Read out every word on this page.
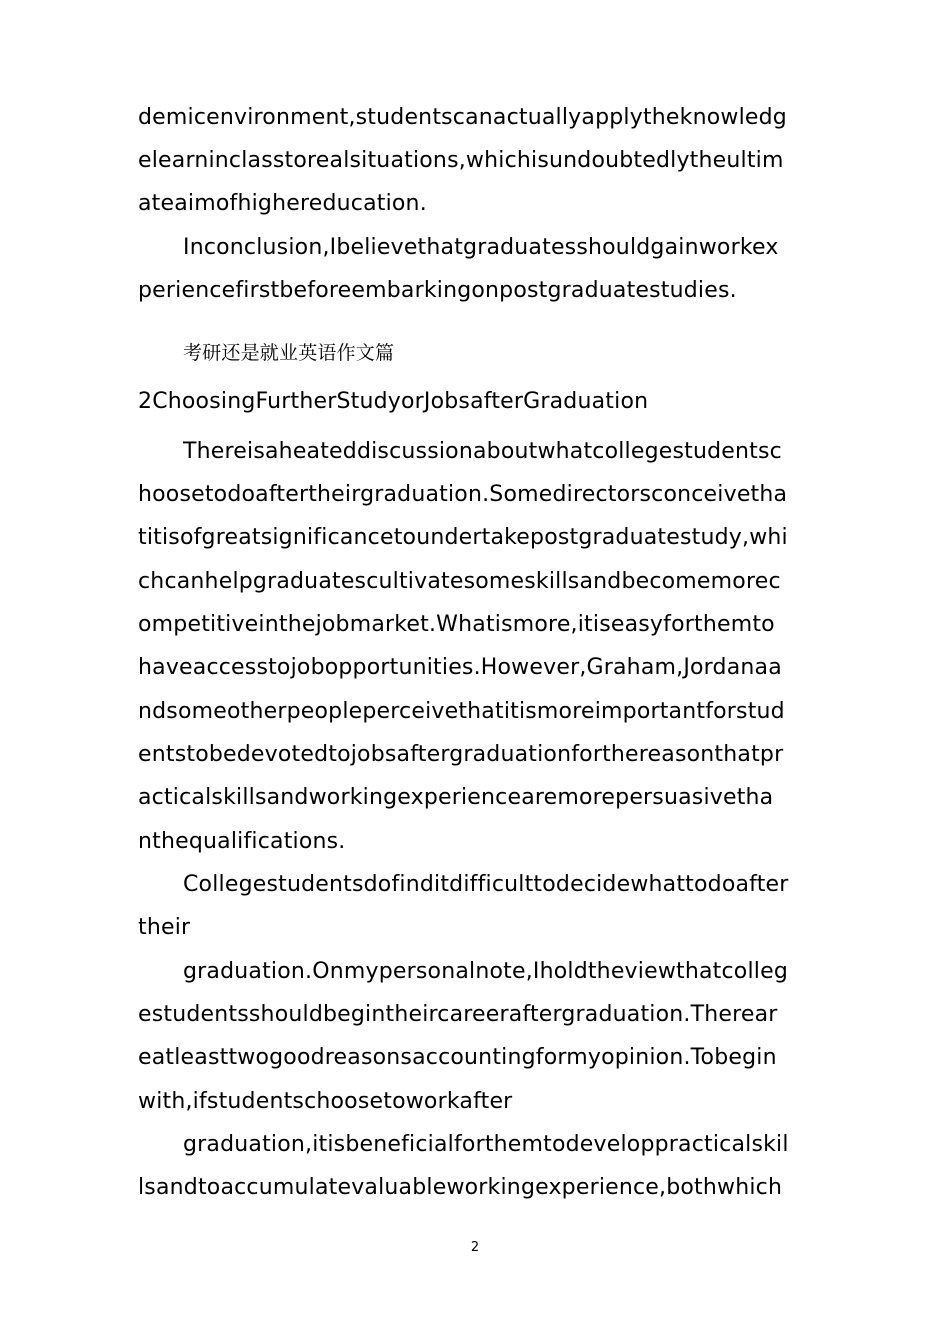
demicenvironment,studentscanactuallyapplytheknowledg
elearninclasstorealsituations,whichisundoubtedlytheultim
ateaimofhighereducation.
Inconclusion,Ibelievethatgraduatesshouldgainworkex
periencefirstbeforeembarkingonpostgraduatestudies.
考研还是就业英语作文篇
2ChoosingFurtherStudyorJobsafterGraduation
Thereisaheateddiscussionaboutwhatcollegestudentsc
hoosetodoaftertheirgraduation.Somedirectorsconceivetha
titisofgreatsignificancetoundertakepostgraduatestudy,whi
chcanhelpgraduatescultivatesomeskillsandbecomemorec
ompetitiveinthejobmarket.Whatismore,itiseasyforthemto
haveaccesstojobopportunities.However,Graham,Jordanaa
ndsomeotherpeopleperceivethatitismoreimportantforstud
entstobedevotedtojobsaftergraduationforthereasonthatpr
acticalskillsandworkingexperiencearemorepersuasivetha
nthequalifications.
Collegestudentsdofinditdifficulttodecidewhattodoafter
their
graduation.Onmypersonalnote,Iholdtheviewthatcolleg
estudentsshouldbegintheircareeraftergraduation.Therear
eatleasttwogoodreasonsaccountingformyopinion.Tobegin
with,ifstudentschoosetoworkafter
graduation,itisbeneficialforthemtodeveloppracticalskil
lsandtoaccumulatevaluableworkingexperience,bothwhich
2
